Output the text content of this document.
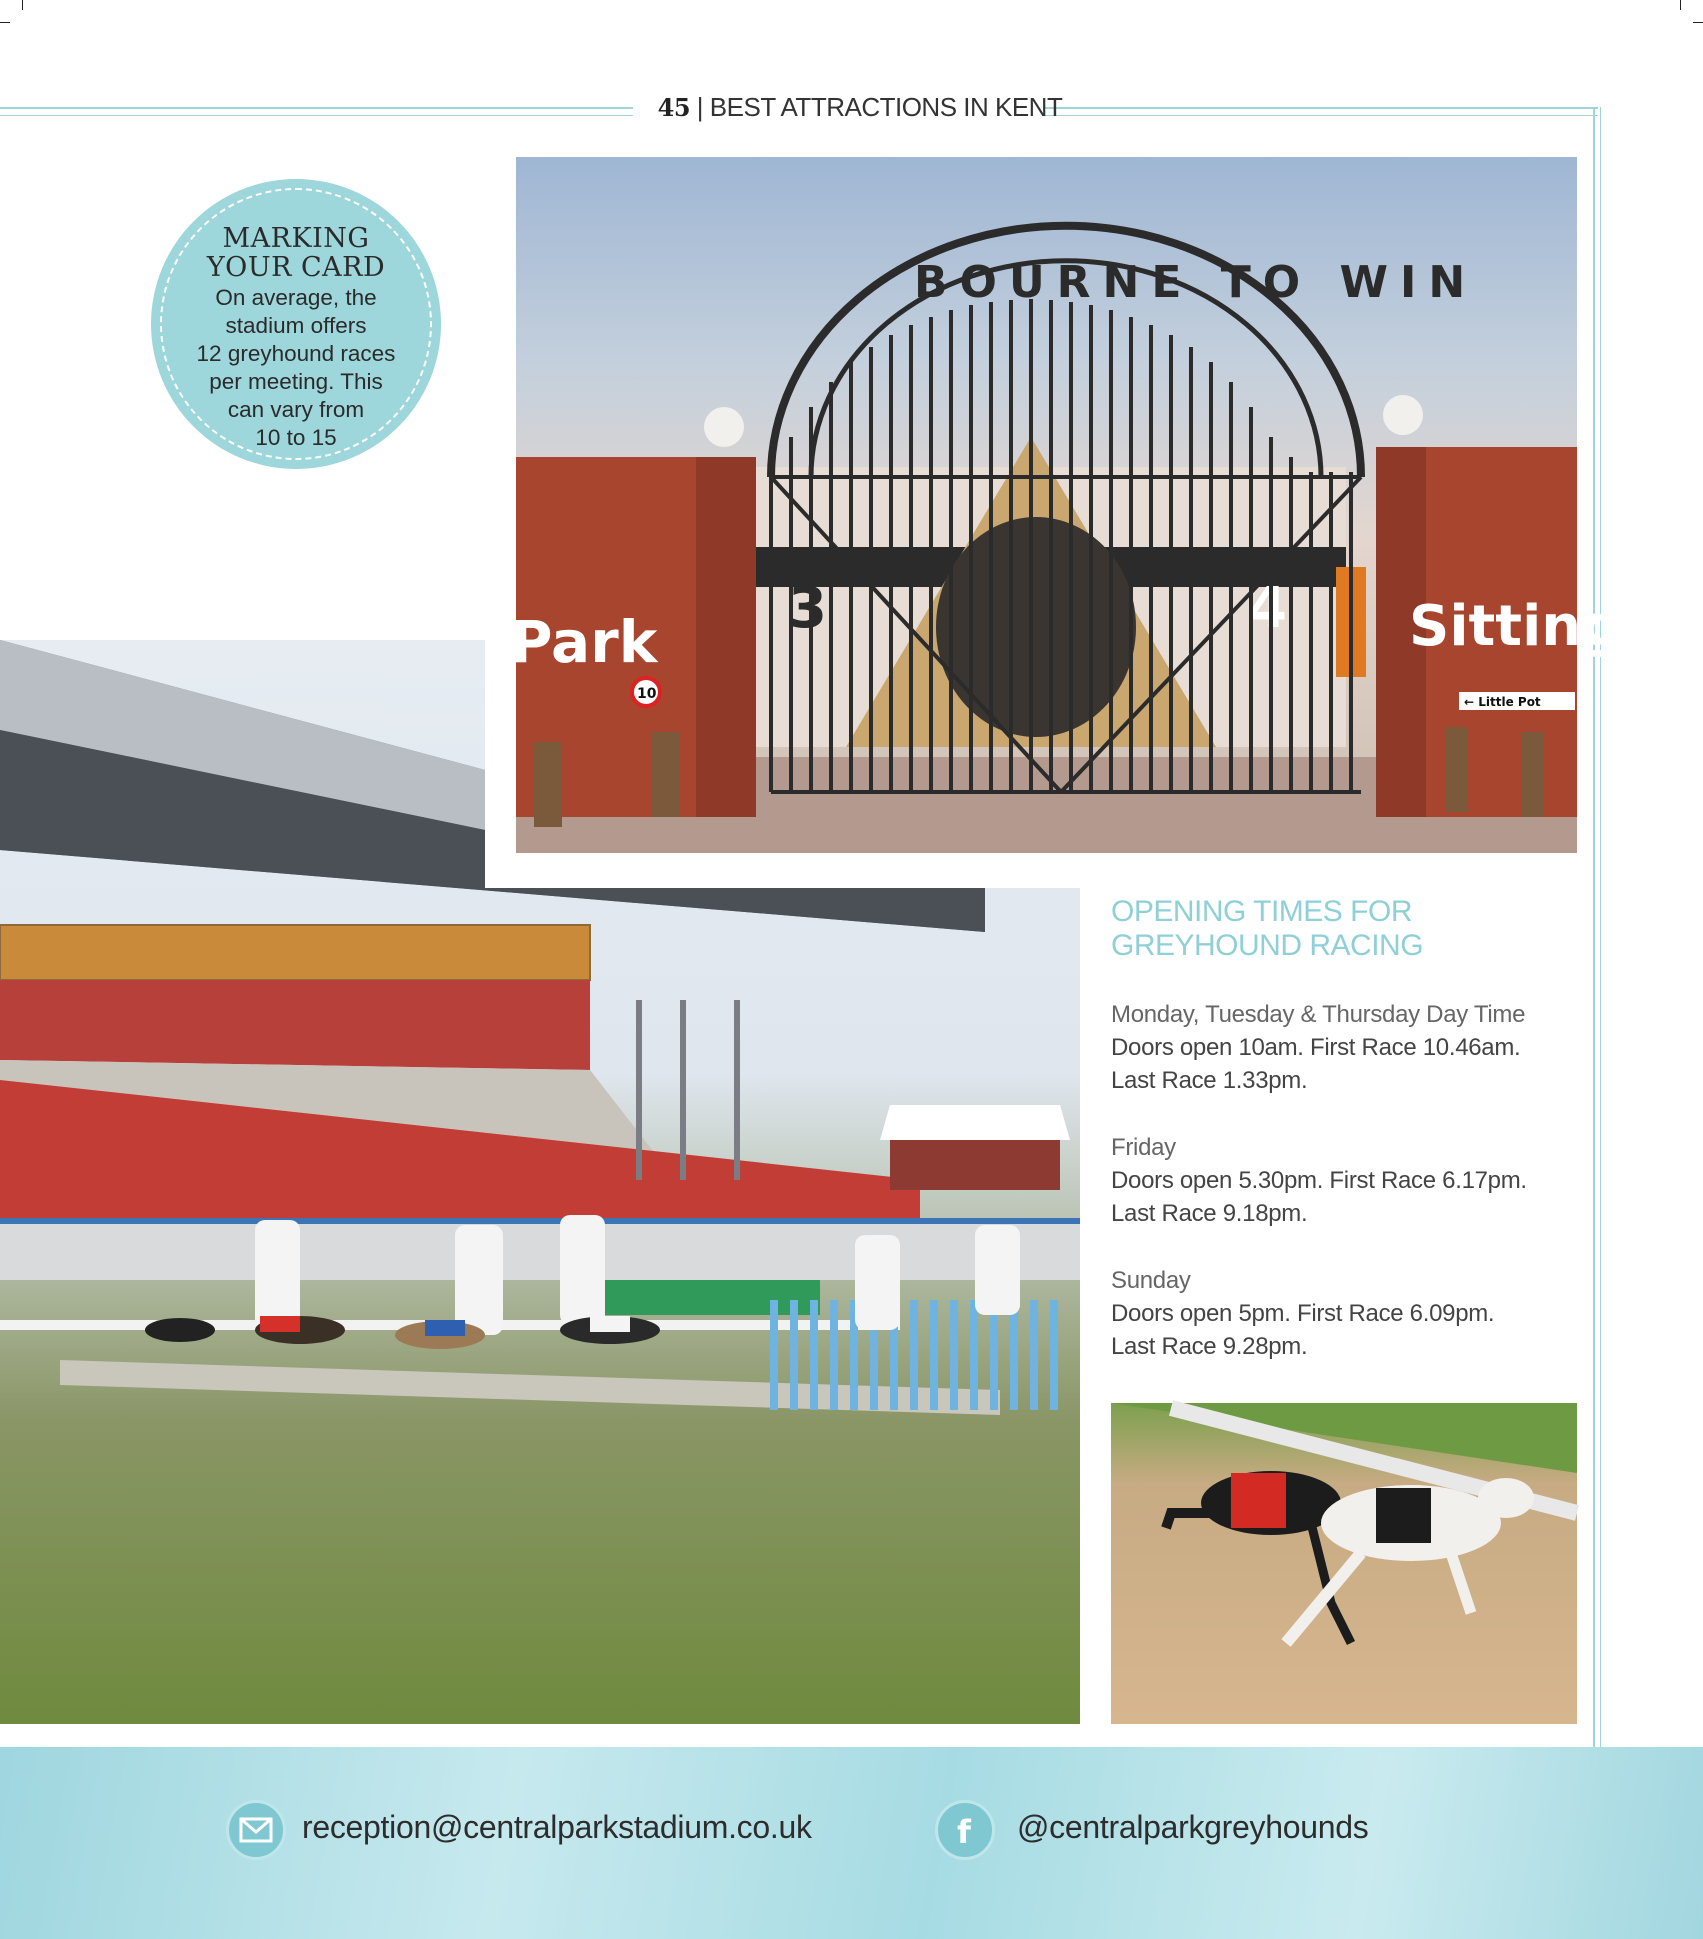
45 | BEST ATTRACTIONS IN KENT
Park	Sitting
3	4
10	← Little Pot
BOURNE TO WIN
MARKING
YOUR CARD
On average, the
stadium offers
12 greyhound races
per meeting. This
can vary from
10 to 15
OPENING TIMES FOR
GREYHOUND RACING
Monday, Tuesday & Thursday Day Time
Doors open 10am. First Race 10.46am.
Last Race 1.33pm.
Friday
Doors open 5.30pm. First Race 6.17pm.
Last Race 9.18pm.
Sunday
Doors open 5pm. First Race 6.09pm.
Last Race 9.28pm.
reception@centralparkstadium.co.uk	f @centralparkgreyhounds
